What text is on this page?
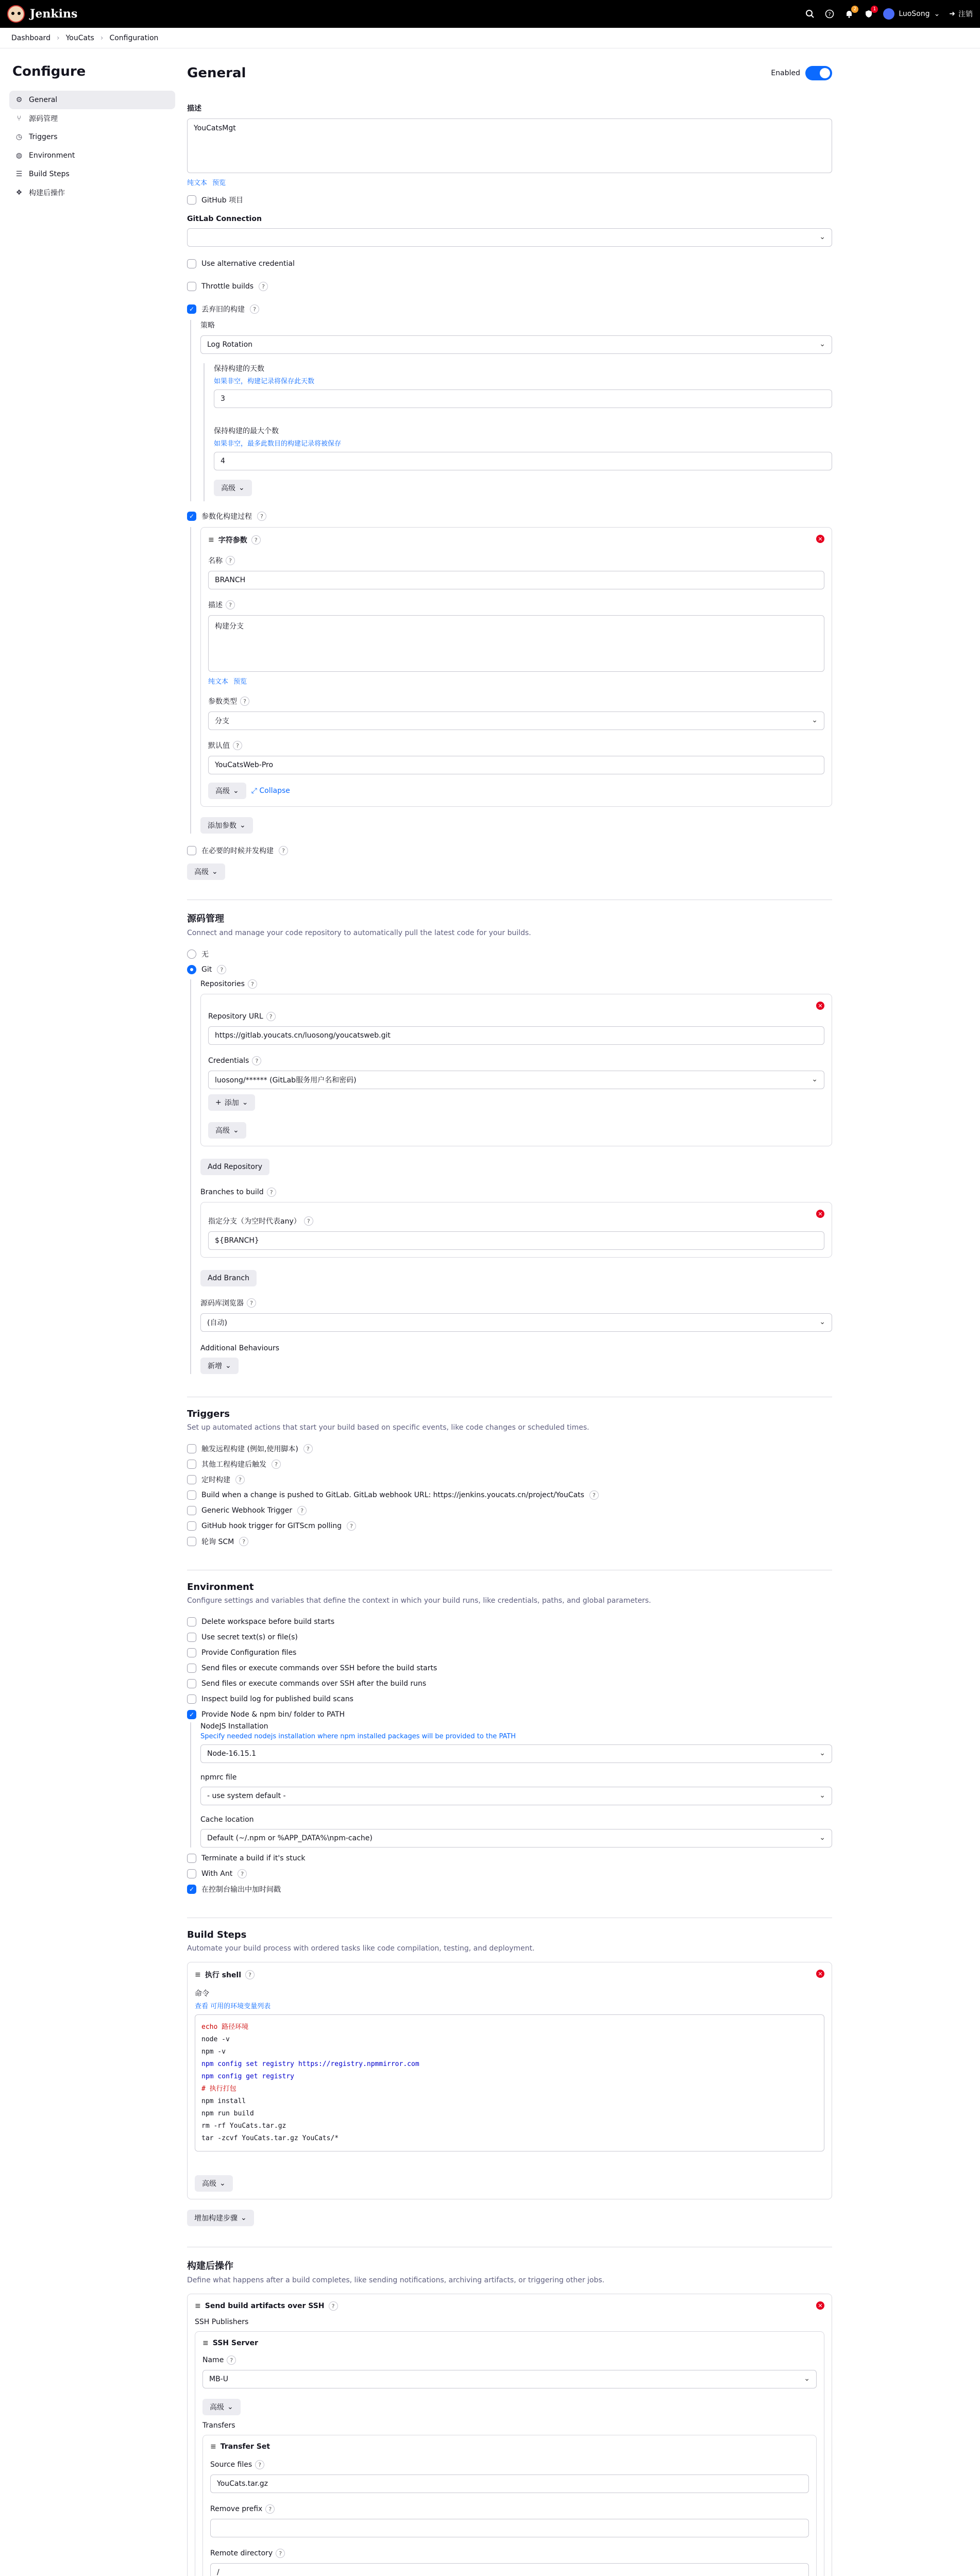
Jenkins	?
2	1
LuoSong ⌄ ➜ 注销
Dashboard › YouCats › Configuration
Configure
⚙ General
⑂	源码管理
◷ Triggers
◍ Environment
☰ Build Steps
❖ 构建后操作
General	Enabled
描述
YouCatsMgt
纯文本 预览
GitHub 项目
GitLab Connection
⌄
Use alternative credential
Throttle builds	?
✓ 丢弃旧的构建	?
策略
Log Rotation	⌄
保持构建的天数
如果非空，构建记录将保存此天数
3
保持构建的最大个数
如果非空，最多此数目的构建记录将被保存
4
高级 ⌄
✓ 参数化构建过程	?
≡ 字符参数	?	✕
名称	?
BRANCH
描述	?
构建分支
纯文本 预览
参数类型	?
分支	⌄
默认值	?
YouCatsWeb-Pro
高级 ⌄ ⤢ Collapse
添加参数 ⌄
在必要的时候并发构建	?
高级 ⌄
源码管理
Connect and manage your code repository to automatically pull the latest code for your builds.
无
Git	?
Repositories	?
✕
Repository URL	?
https://gitlab.youcats.cn/luosong/youcatsweb.git
Credentials	?
luosong/****** (GitLab服务用户名和密码)	⌄
+ 添加 ⌄
高级 ⌄
Add Repository
Branches to build	?
✕
指定分支（为空时代表any）	?
${BRANCH}
Add Branch
源码库浏览器	?
(自动)	⌄
Additional Behaviours
新增 ⌄
Triggers
Set up automated actions that start your build based on specific events, like code changes or scheduled times.
触发远程构建 (例如,使用脚本)	?
其他工程构建后触发	?
定时构建	?
Build when a change is pushed to GitLab. GitLab webhook URL: https://jenkins.youcats.cn/project/YouCats	?
Generic Webhook Trigger	?
GitHub hook trigger for GITScm polling	?
轮询 SCM	?
Environment
Configure settings and variables that define the context in which your build runs, like credentials, paths, and global parameters.
Delete workspace before build starts
Use secret text(s) or file(s)
Provide Configuration files
Send files or execute commands over SSH before the build starts
Send files or execute commands over SSH after the build runs
Inspect build log for published build scans
✓ Provide Node & npm bin/ folder to PATH
NodeJS Installation
Specify needed nodejs installation where npm installed packages will be provided to the PATH
Node-16.15.1	⌄
npmrc file
- use system default -	⌄
Cache location
Default (~/.npm or %APP_DATA%\npm-cache)	⌄
Terminate a build if it's stuck
With Ant	?
✓ 在控制台输出中加时间戳
Build Steps
Automate your build process with ordered tasks like code compilation, testing, and deployment.
≡ 执行 shell	?	✕
命令
查看 可用的环境变量列表
echo 路径环境
node -v
npm -v
npm config set registry https://registry.npmmirror.com
npm config get registry
# 执行打包
npm install
npm run build
rm -rf YouCats.tar.gz
tar -zcvf YouCats.tar.gz YouCats/*
高级 ⌄
增加构建步骤 ⌄
构建后操作
Define what happens after a build completes, like sending notifications, archiving artifacts, or triggering other jobs.
≡ Send build artifacts over SSH	?	✕
SSH Publishers
≡ SSH Server
Name	?
MB-U	⌄
高级 ⌄
Transfers
≡ Transfer Set
Source files	?
YouCats.tar.gz
Remove prefix	?
Remote directory	?
/
